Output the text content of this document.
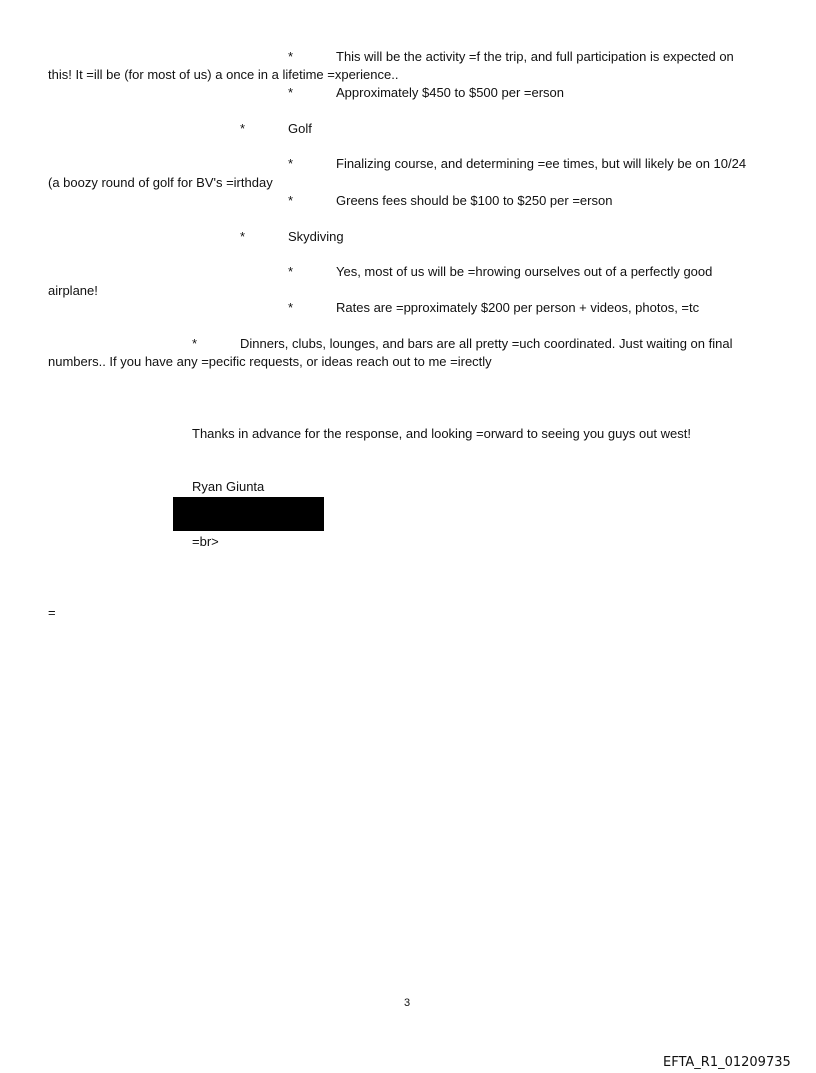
*	This will be the activity =f the trip, and full participation is expected on
this! It =ill be (for most of us) a once in a lifetime =xperience..
*	Approximately $450 to $500 per =erson
*	Golf
*	Finalizing course, and determining =ee times, but will likely be on 10/24
(a boozy round of golf for BV's =irthday
*	Greens fees should be $100 to $250 per =erson
*	Skydiving
*	Yes, most of us will be =hrowing ourselves out of a perfectly good
airplane!
*	Rates are =pproximately $200 per person + videos, photos, =tc
*	Dinners, clubs, lounges, and bars are all pretty =uch coordinated. Just waiting on final
numbers.. If you have any =pecific requests, or ideas reach out to me =irectly
Thanks in advance for the response, and looking =orward to seeing you guys out west!
Ryan Giunta
=br>
=
3
EFTA_R1_01209735
